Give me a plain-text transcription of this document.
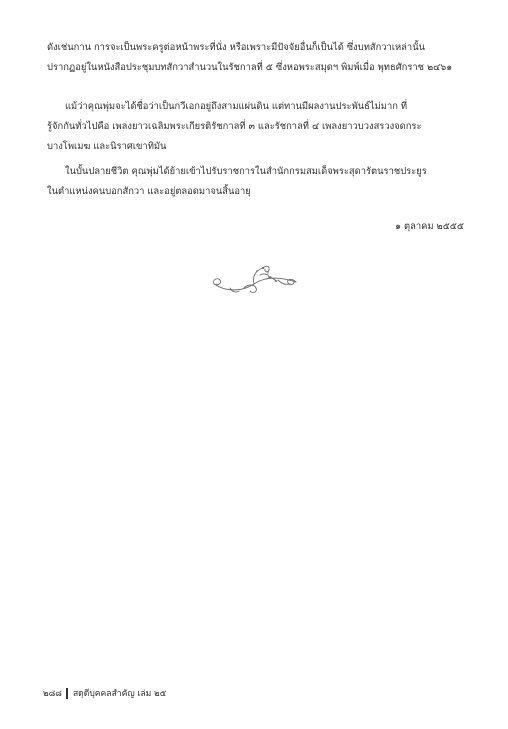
ดังเช่นกาน การจะเป็นพระครูต่อหน้าพระที่นั่ง หรือเพราะมีปัจจัยอื่นก็เป็นได้ ซึ่งบทสักวาเหล่านั้น
ปรากฏอยู่ในหนังสือประชุมบทสักวาสำนวนในรัชกาลที่ ๕ ซึ่งหอพระสมุดฯ พิมพ์เมื่อ พุทธศักราช ๒๔๖๑

แม้ว่าคุณพุ่มจะได้ชื่อว่าเป็นกวีเอกอยู่ถึงสามแผ่นดิน แต่ทานมีผลงานประพันธ์ไม่มาก ที่
รู้จักกันทั่วไปคือ เพลงยาวเฉลิมพระเกียรติรัชกาลที่ ๓ และรัชกาลที่ ๔ เพลงยาวบวงสรวงจดกระ
บางโพเมฆ และนิราศเขาทิมัน

ในบั้นปลายชีวิต คุณพุ่มได้ย้ายเข้าไปรับราชการในสำนักกรมสมเด็จพระสุดารัตนราชประยูร
ในตำแหน่งคนบอกสักวา และอยู่ตลอดมาจนสิ้นอายุ

๑ ตุลาคม ๒๕๕๕
๒๘๘ สดุดีบุคคลสำคัญ เล่ม ๒๕
